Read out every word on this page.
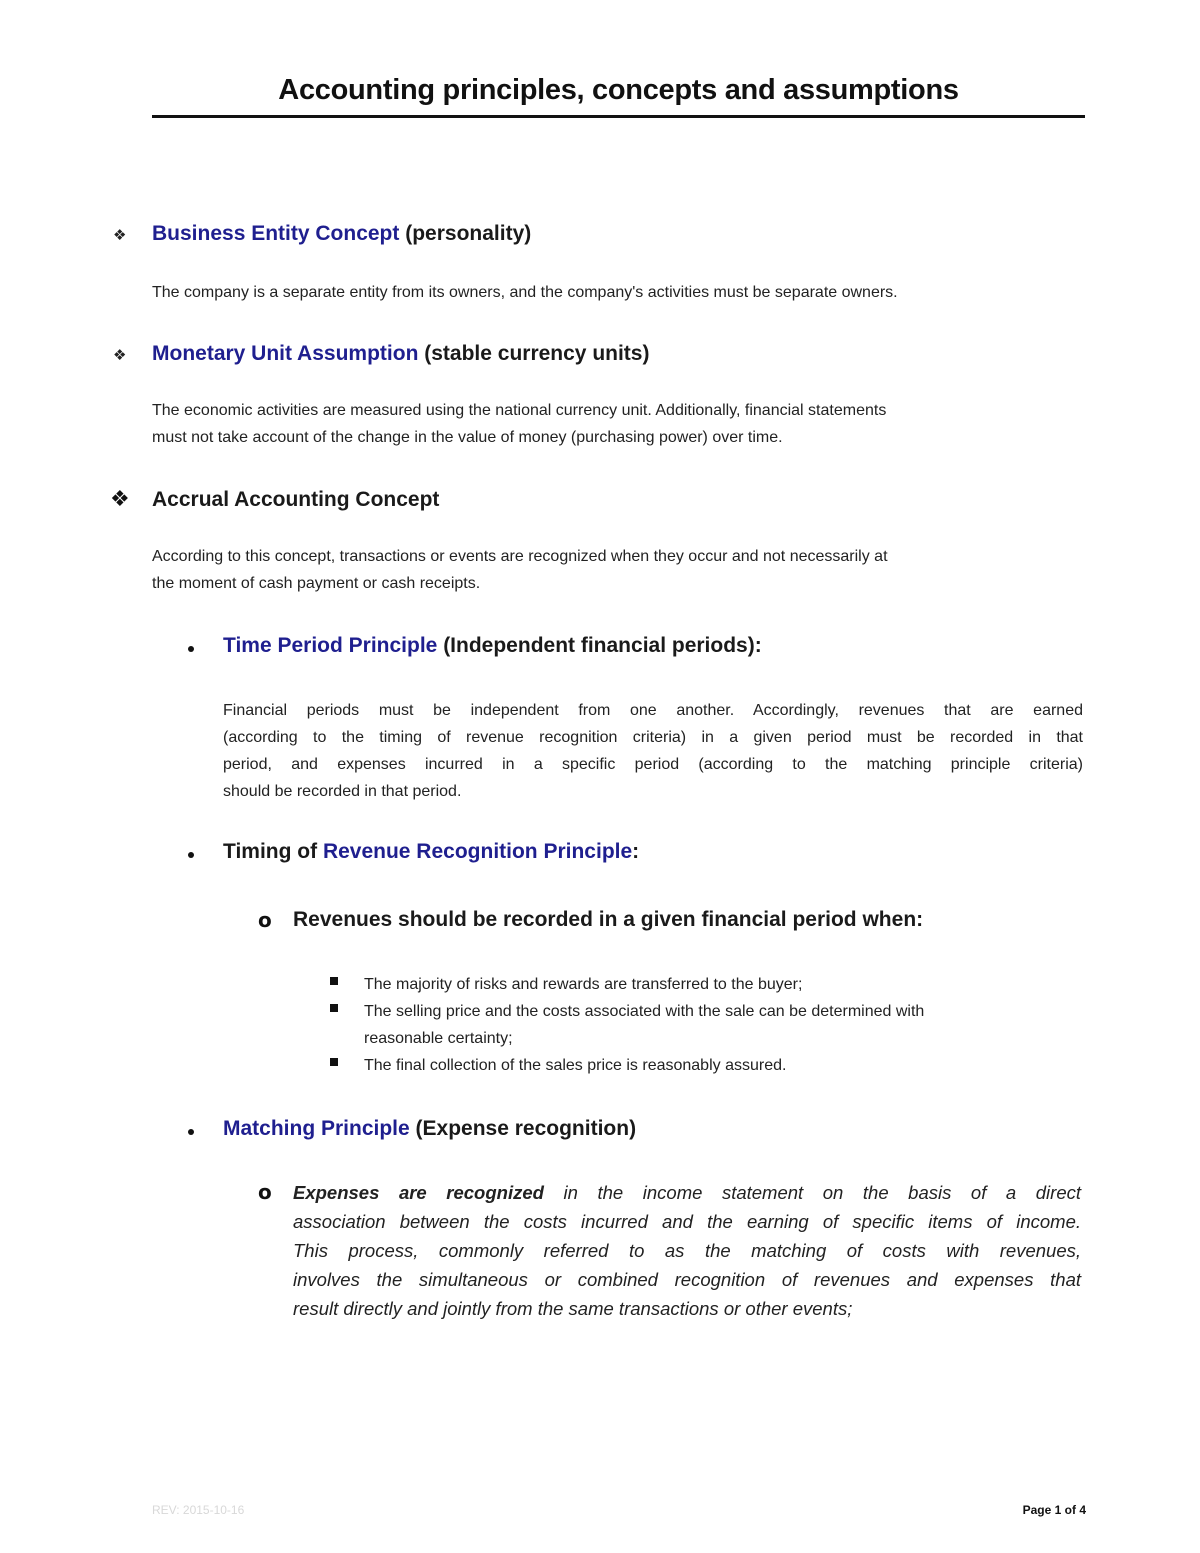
Accounting principles, concepts and assumptions
❖ Business Entity Concept (personality)
The company is a separate entity from its owners, and the company's activities must be separate owners.
❖ Monetary Unit Assumption (stable currency units)
The economic activities are measured using the national currency unit. Additionally, financial statements
must not take account of the change in the value of money (purchasing power) over time.
❖ Accrual Accounting Concept
According to this concept, transactions or events are recognized when they occur and not necessarily at
the moment of cash payment or cash receipts.
Time Period Principle (Independent financial periods):
Financial periods must be independent from one another. Accordingly, revenues that are earned
(according to the timing of revenue recognition criteria) in a given period must be recorded in that
period, and expenses incurred in a specific period (according to the matching principle criteria)
should be recorded in that period.
Timing of Revenue Recognition Principle:
o Revenues should be recorded in a given financial period when:
The majority of risks and rewards are transferred to the buyer;
The selling price and the costs associated with the sale can be determined with
reasonable certainty;
The final collection of the sales price is reasonably assured.
Matching Principle (Expense recognition)
o Expenses are recognized in the income statement on the basis of a direct
association between the costs incurred and the earning of specific items of income.
This process, commonly referred to as the matching of costs with revenues,
involves the simultaneous or combined recognition of revenues and expenses that
result directly and jointly from the same transactions or other events;
REV: 2015-10-16	Page 1 of 4
